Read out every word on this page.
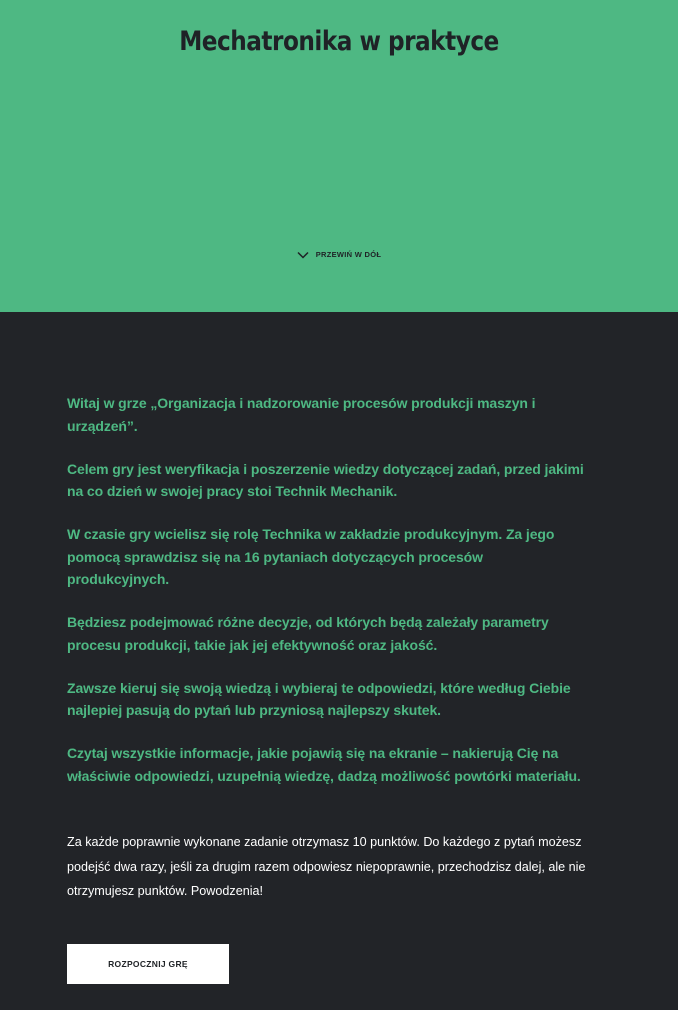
Mechatronika w praktyce
PRZEWIŃ W DÓŁ

Witaj w grze „Organizacja i nadzorowanie procesów produkcji maszyn i urządzeń”.

Celem gry jest weryfikacja i poszerzenie wiedzy dotyczącej zadań, przed jakimi na co dzień w swojej pracy stoi Technik Mechanik.

W czasie gry wcielisz się rolę Technika w zakładzie produkcyjnym. Za jego pomocą sprawdzisz się na 16 pytaniach dotyczących procesów produkcyjnych.

Będziesz podejmować różne decyzje, od których będą zależały parametry procesu produkcji, takie jak jej efektywność oraz jakość.

Zawsze kieruj się swoją wiedzą i wybieraj te odpowiedzi, które według Ciebie najlepiej pasują do pytań lub przyniosą najlepszy skutek.

Czytaj wszystkie informacje, jakie pojawią się na ekranie – nakierują Cię na właściwie odpowiedzi, uzupełnią wiedzę, dadzą możliwość powtórki materiału.

Za każde poprawnie wykonane zadanie otrzymasz 10 punktów. Do każdego z pytań możesz podejść dwa razy, jeśli za drugim razem odpowiesz niepoprawnie, przechodzisz dalej, ale nie otrzymujesz punktów. Powodzenia!

ROZPOCZNIJ GRĘ
